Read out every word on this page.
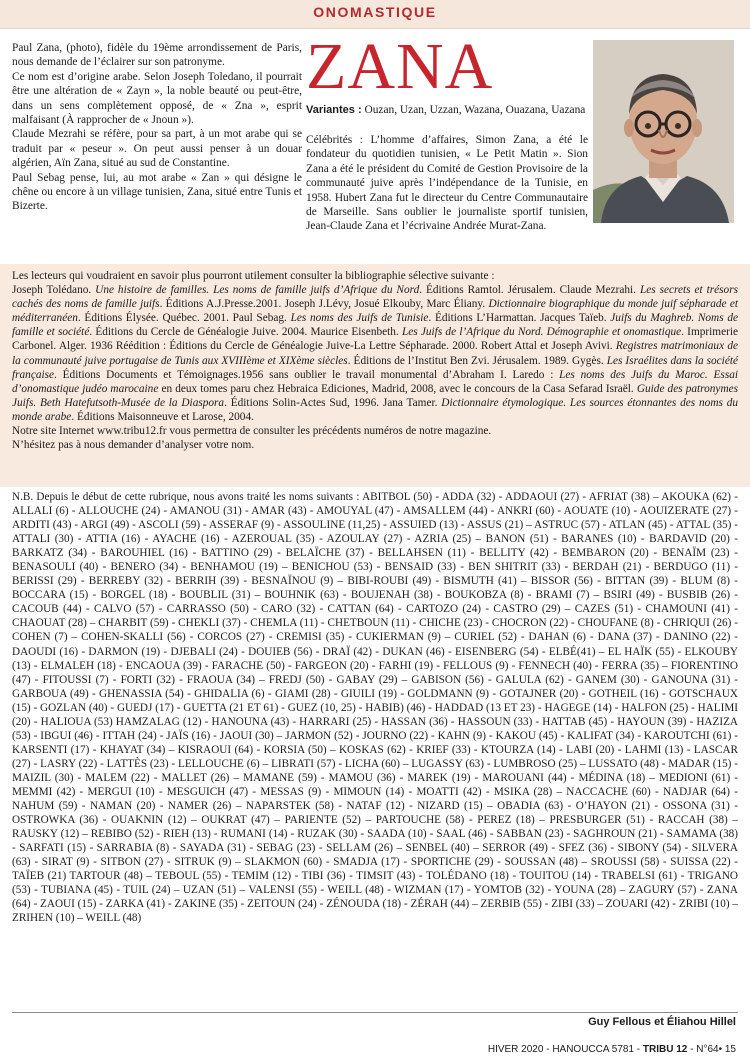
ONOMASTIQUE

Paul Zana, (photo), fidèle du 19ème arrondissement de Paris, nous demande de l’éclairer sur son patronyme.

Ce nom est d’origine arabe. Selon Joseph Toledano, il pourrait être une altération de « Zayn », la noble beauté ou peut-être, dans un sens complètement opposé, de « Zna », esprit malfaisant (À rapprocher de « Jnoun »).

Claude Mezrahi se réfère, pour sa part, à un mot arabe qui se traduit par « peseur ». On peut aussi penser à un douar algérien, Aïn Zana, situé au sud de Constantine.

Paul Sebag pense, lui, au mot arabe « Zan » qui désigne le chêne ou encore à un village tunisien, Zana, situé entre Tunis et Bizerte.

ZANA
Variantes : Ouzan, Uzan, Uzzan, Wazana, Ouazana, Uazana
Célébrités : L’homme d’affaires, Simon Zana, a été le fondateur du quotidien tunisien, « Le Petit Matin ». Sion Zana a été le président du Comité de Gestion Provisoire de la communauté juive après l’indépendance de la Tunisie, en 1958. Hubert Zana fut le directeur du Centre Communautaire de Marseille. Sans oublier le journaliste sportif tunisien, Jean-Claude Zana et l’écrivaine Andrée Murat-Zana.

Les lecteurs qui voudraient en savoir plus pourront utilement consulter la bibliographie sélective suivante :

Joseph Tolédano. Une histoire de familles. Les noms de famille juifs d’Afrique du Nord. Éditions Ramtol. Jérusalem. Claude Mezrahi. Les secrets et trésors cachés des noms de famille juifs. Éditions A.J.Presse.2001. Joseph J.Lévy, Josué Elkouby, Marc Éliany. Dictionnaire biographique du monde juif sépharade et méditerranéen. Éditions Élysée. Québec. 2001. Paul Sebag. Les noms des Juifs de Tunisie. Éditions L’Harmattan. Jacques Taïeb. Juifs du Maghreb. Noms de famille et société. Éditions du Cercle de Généalogie Juive. 2004. Maurice Eisenbeth. Les Juifs de l’Afrique du Nord. Démographie et onomastique. Imprimerie Carbonel. Alger. 1936 Réédition : Éditions du Cercle de Généalogie Juive-La Lettre Sépharade. 2000. Robert Attal et Joseph Avivi. Registres matrimoniaux de la communauté juive portugaise de Tunis aux XVIIIème et XIXème siècles. Éditions de l’Institut Ben Zvi. Jérusalem. 1989. Gygès. Les Israélites dans la société française. Éditions Documents et Témoignages.1956 sans oublier le travail monumental d’Abraham I. Laredo : Les noms des Juifs du Maroc. Essai d’onomastique judéo marocaine en deux tomes paru chez Hebraica Ediciones, Madrid, 2008, avec le concours de la Casa Sefarad Israël. Guide des patronymes Juifs. Beth Hatefutsoth-Musée de la Diaspora. Éditions Solin-Actes Sud, 1996. Jana Tamer. Dictionnaire étymologique. Les sources étonnantes des noms du monde arabe. Éditions Maisonneuve et Larose, 2004.

Notre site Internet www.tribu12.fr vous permettra de consulter les précédents numéros de notre magazine.

N’hésitez pas à nous demander d’analyser votre nom.

N.B. Depuis le début de cette rubrique, nous avons traité les noms suivants : ABITBOL (50) - ADDA (32) - ADDAOUI (27) - AFRIAT (38) – AKOUKA (62) - ALLALI (6) - ALLOUCHE (24) - AMANOU (31) - AMAR (43) - AMOUYAL (47) - AMSALLEM (44) - ANKRI (60) - AOUATE (10) - AOUIZERATE (27) - ARDITI (43) - ARGI (49) - ASCOLI (59) - ASSERAF (9) - ASSOULINE (11,25) - ASSUIED (13) - ASSUS (21) – ASTRUC (57) - ATLAN (45) - ATTAL (35) - ATTALI (30) - ATTIA (16) - AYACHE (16) - AZEROUAL (35) - AZOULAY (27) - AZRIA (25) – BANON (51) - BARANES (10) - BARDAVID (20) - BARKATZ (34) - BAROUHIEL (16) - BATTINO (29) - BELAÏCHE (37) - BELLAHSEN (11) - BELLITY (42) - BEMBARON (20) - BENAÏM (23) - BENASOULI (40) - BENERO (34) - BENHAMOU (19) – BENICHOU (53) - BENSAID (33) - BEN SHITRIT (33) - BERDAH (21) - BERDUGO (11) - BERISSI (29) - BERREBY (32) - BERRIH (39) - BESNAÏNOU (9) – BIBI-ROUBI (49) - BISMUTH (41) – BISSOR (56) - BITTAN (39) - BLUM (8) - BOCCARA (15) - BORGEL (18) - BOUBLIL (31) – BOUHNIK (63) - BOUJENAH (38) - BOUKOBZA (8) - BRAMI (7) – BSIRI (49) - BUSBIB (26) - CACOUB (44) - CALVO (57) - CARRASSO (50) - CARO (32) - CATTAN (64) - CARTOZO (24) - CASTRO (29) – CAZES (51) - CHAMOUNI (41) - CHAOUAT (28) – CHARBIT (59) - CHEKLI (37) - CHEMLA (11) - CHETBOUN (11) - CHICHE (23) - CHOCRON (22) - CHOUFANE (8) - CHRIQUI (26) - COHEN (7) – COHEN-SKALLI (56) - CORCOS (27) - CREMISI (35) - CUKIERMAN (9) – CURIEL (52) - DAHAN (6) - DANA (37) - DANINO (22) - DAOUDI (16) - DARMON (19) - DJEBALI (24) - DOUIEB (56) - DRAÏ (42) - DUKAN (46) - EISENBERG (54) - ELBÉ(41) – EL HAÏK (55) - ELKOUBY (13) - ELMALEH (18) - ENCAOUA (39) - FARACHE (50) - FARGEON (20) - FARHI (19) - FELLOUS (9) - FENNECH (40) - FERRA (35) – FIORENTINO (47) - FITOUSSI (7) - FORTI (32) - FRAOUA (34) – FREDJ (50) - GABAY (29) – GABISON (56) - GALULA (62) - GANEM (30) - GANOUNA (31) - GARBOUA (49) - GHENASSIA (54) - GHIDALIA (6) - GIAMI (28) - GIUILI (19) - GOLDMANN (9) - GOTAJNER (20) - GOTHEIL (16) - GOTSCHAUX (15) - GOZLAN (40) - GUEDJ (17) - GUETTA (21 ET 61) - GUEZ (10, 25) - HABIB) (46) - HADDAD (13 ET 23) - HAGEGE (14) - HALFON (25) - HALIMI (20) - HALIOUA (53) HAMZALAG (12) - HANOUNA (43) - HARRARI (25) - HASSAN (36) - HASSOUN (33) - HATTAB (45) - HAYOUN (39) - HAZIZA (53) - IBGUI (46) - ITTAH (24) - JAÏS (16) - JAOUI (30) – JARMON (52) - JOURNO (22) - KAHN (9) - KAKOU (45) - KALIFAT (34) - KAROUTCHI (61) - KARSENTI (17) - KHAYAT (34) – KISRAOUI (64) - KORSIA (50) – KOSKAS (62) - KRIEF (33) - KTOURZA (14) - LABI (20) - LAHMI (13) - LASCAR (27) - LASRY (22) - LATTÈS (23) - LELLOUCHE (6) – LIBRATI (57) - LICHA (60) – LUGASSY (63) - LUMBROSO (25) – LUSSATO (48) - MADAR (15) - MAIZIL (30) - MALEM (22) - MALLET (26) – MAMANE (59) - MAMOU (36) - MAREK (19) - MAROUANI (44) - MÉDINA (18) – MEDIONI (61) - MEMMI (42) - MERGUI (10) - MESGUICH (47) - MESSAS (9) - MIMOUN (14) - MOATTI (42) - MSIKA (28) – NACCACHE (60) - NADJAR (64) - NAHUM (59) - NAMAN (20) - NAMER (26) – NAPARSTEK (58) - NATAF (12) - NIZARD (15) – OBADIA (63) - O’HAYON (21) - OSSONA (31) - OSTROWKA (36) - OUAKNIN (12) – OUKRAT (47) – PARIENTE (52) – PARTOUCHE (58) - PEREZ (18) – PRESBURGER (51) - RACCAH (38) – RAUSKY (12) – REBIBO (52) - RIEH (13) - RUMANI (14) - RUZAK (30) - SAADA (10) - SAAL (46) - SABBAN (23) - SAGHROUN (21) - SAMAMA (38) - SARFATI (15) - SARRABIA (8) - SAYADA (31) - SEBAG (23) - SELLAM (26) – SENBEL (40) – SERROR (49) - SFEZ (36) - SIBONY (54) - SILVERA (63) - SIRAT (9) - SITBON (27) - SITRUK (9) – SLAKMON (60) - SMADJA (17) - SPORTICHE (29) - SOUSSAN (48) – SROUSSI (58) - SUISSA (22) - TAÏEB (21) TARTOUR (48) – TEBOUL (55) - TEMIM (12) - TIBI (36) - TIMSIT (43) - TOLÉDANO (18) - TOUITOU (14) - TRABELSI (61) - TRIGANO (53) - TUBIANA (45) - TUIL (24) – UZAN (51) – VALENSI (55) - WEILL (48) - WIZMAN (17) - YOMTOB (32) - YOUNA (28) – ZAGURY (57) - ZANA (64) - ZAOUI (15) - ZARKA (41) - ZAKINE (35) - ZEITOUN (24) - ZÉNOUDA (18) - ZÉRAH (44) – ZERBIB (55) - ZIBI (33) – ZOUARI (42) - ZRIBI (10) – ZRIHEN (10) – WEILL (48)

Guy Fellous et Éliahou Hillel
HIVER 2020 - HANOUCCA 5781 - TRIBU 12 - N°64• 15
